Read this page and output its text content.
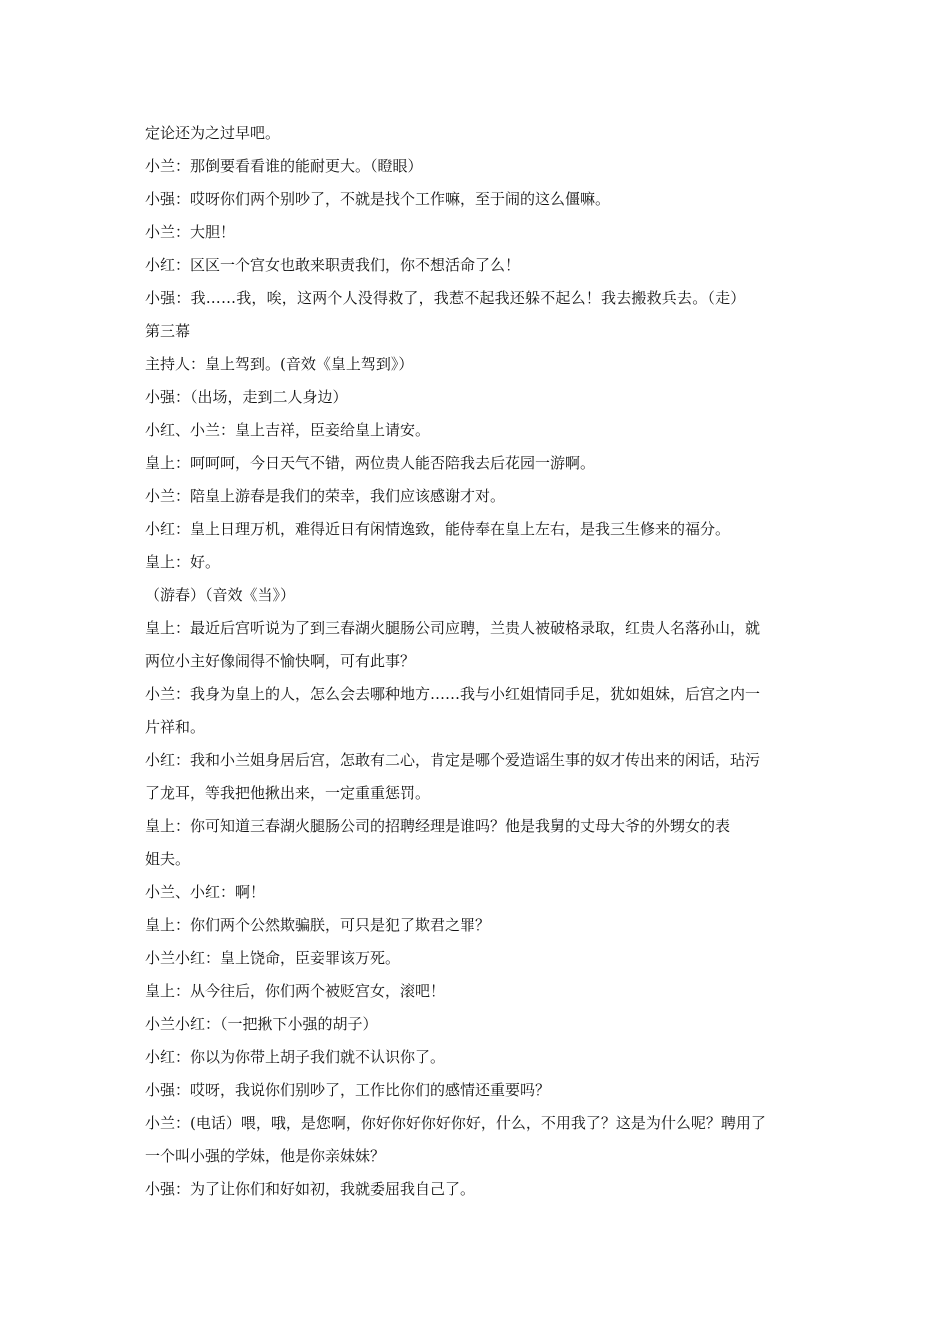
定论还为之过早吧。
小兰：那倒要看看谁的能耐更大。（瞪眼）
小强：哎呀你们两个别吵了，不就是找个工作嘛，至于闹的这么僵嘛。
小兰：大胆！
小红：区区一个宫女也敢来职责我们，你不想活命了么！
小强：我……我，唉，这两个人没得救了，我惹不起我还躲不起么！我去搬救兵去。（走）
第三幕
主持人：皇上驾到。(音效《皇上驾到》）
小强：（出场，走到二人身边）
小红、小兰：皇上吉祥，臣妾给皇上请安。
皇上：呵呵呵，今日天气不错，两位贵人能否陪我去后花园一游啊。
小兰：陪皇上游春是我们的荣幸，我们应该感谢才对。
小红：皇上日理万机，难得近日有闲情逸致，能侍奉在皇上左右，是我三生修来的福分。
皇上：好。
（游春）（音效《当》）
皇上：最近后宫听说为了到三春湖火腿肠公司应聘，兰贵人被破格录取，红贵人名落孙山，就
两位小主好像闹得不愉快啊，可有此事？
小兰：我身为皇上的人，怎么会去哪种地方……我与小红姐情同手足，犹如姐妹，后宫之内一
片祥和。
小红：我和小兰姐身居后宫，怎敢有二心，肯定是哪个爱造谣生事的奴才传出来的闲话，玷污
了龙耳，等我把他揪出来，一定重重惩罚。
皇上：你可知道三春湖火腿肠公司的招聘经理是谁吗？他是我舅的丈母大爷的外甥女的表
姐夫。
小兰、小红：啊！
皇上：你们两个公然欺骗朕，可只是犯了欺君之罪？
小兰小红：皇上饶命，臣妾罪该万死。
皇上：从今往后，你们两个被贬宫女，滚吧！
小兰小红：（一把揪下小强的胡子）
小红：你以为你带上胡子我们就不认识你了。
小强：哎呀，我说你们别吵了，工作比你们的感情还重要吗？
小兰：(电话）喂，哦，是您啊，你好你好你好你好，什么，不用我了？这是为什么呢？聘用了
一个叫小强的学妹，他是你亲妹妹？
小强：为了让你们和好如初，我就委屈我自己了。
